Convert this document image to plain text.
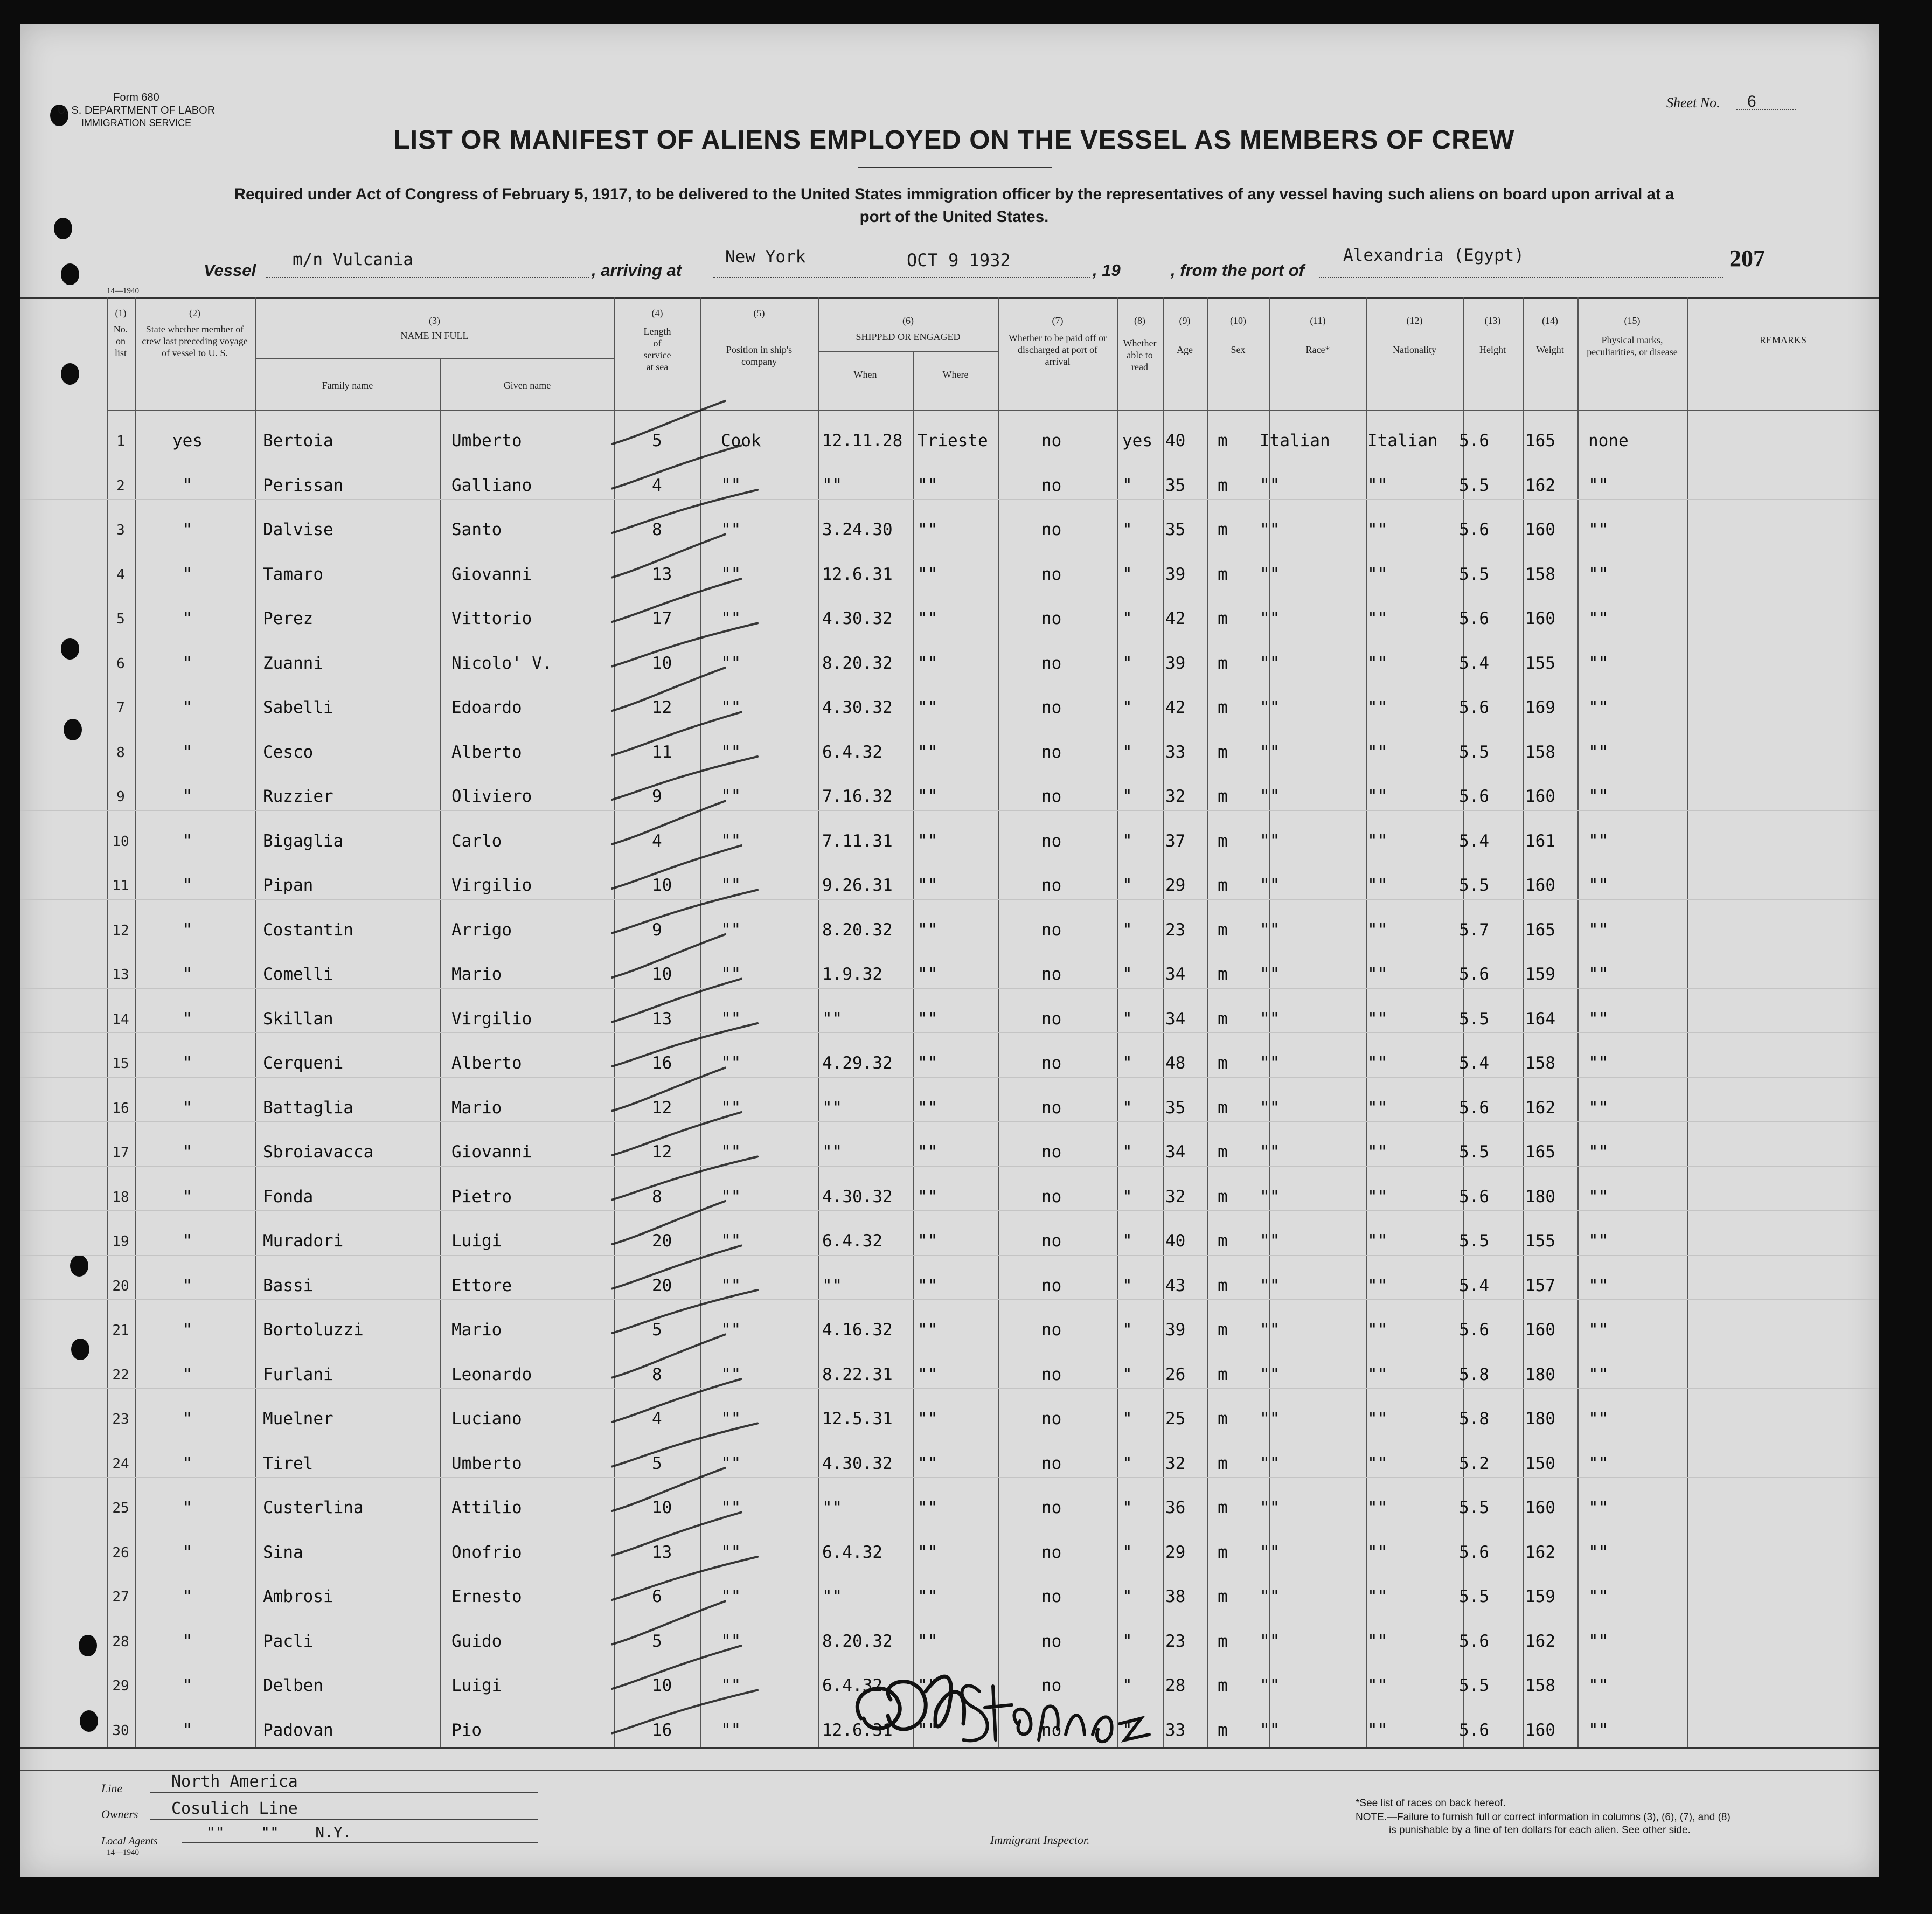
Form 680
U. S. DEPARTMENT OF LABOR
IMMIGRATION SERVICE
Sheet No. 6
LIST OR MANIFEST OF ALIENS EMPLOYED ON THE VESSEL AS MEMBERS OF CREW
Required under Act of Congress of February 5, 1917, to be delivered to the United States immigration officer by the representatives of any vessel having such aliens on board upon arrival at a
port of the United States.
Vessel
m/n Vulcania
, arriving at
New York	OCT 9 1932	, 19	, from the port of
Alexandria (Egypt)	207
14—1940
(1)
No. on list
(2)
State whether member of crew last preceding voyage of vessel to U. S.
(3)
NAME IN FULL
Family name	Given name
(4)
Length of service at sea
(5)
Position in ship's company
(6)
SHIPPED OR ENGAGED
When	Where
(7)
Whether to be paid off or discharged at port of arrival
(8)
Whether able to read
(9)
Age
(10)
Sex
(11)
Race*
(12)
Nationality
(13)
Height
(14)
Weight
(15)
Physical marks, peculiarities, or disease
REMARKS
1	yes	Bertoia	Umberto	5	Cook	12.11.28 Trieste	no	yes 40 m Italian Italian 5.6 165 none
2	"	Perissan	Galliano	4	""	""	""	no	" 35 m ""	""	5.5 162 ""
3	"	Dalvise	Santo	8	""	3.24.30 ""	no	" 35 m ""	""	5.6 160 ""
4	"	Tamaro	Giovanni	13	""	12.6.31 ""	no	" 39 m ""	""	5.5 158 ""
5	"	Perez	Vittorio	17	""	4.30.32 ""	no	" 42 m ""	""	5.6 160 ""
6	"	Zuanni	Nicolo' V.	10	""	8.20.32 ""	no	" 39 m ""	""	5.4 155 ""
7	"	Sabelli	Edoardo	12	""	4.30.32 ""	no	" 42 m ""	""	5.6 169 ""
8	"	Cesco	Alberto	11	""	6.4.32 ""	no	" 33 m ""	""	5.5 158 ""
9	"	Ruzzier	Oliviero	9	""	7.16.32 ""	no	" 32 m ""	""	5.6 160 ""
10	"	Bigaglia	Carlo	4	""	7.11.31 ""	no	" 37 m ""	""	5.4 161 ""
11	"	Pipan	Virgilio	10	""	9.26.31 ""	no	" 29 m ""	""	5.5 160 ""
12	"	Costantin	Arrigo	9	""	8.20.32 ""	no	" 23 m ""	""	5.7 165 ""
13	"	Comelli	Mario	10	""	1.9.32 ""	no	" 34 m ""	""	5.6 159 ""
14	"	Skillan	Virgilio	13	""	""	""	no	" 34 m ""	""	5.5 164 ""
15	"	Cerqueni	Alberto	16	""	4.29.32 ""	no	" 48 m ""	""	5.4 158 ""
16	"	Battaglia	Mario	12	""	""	""	no	" 35 m ""	""	5.6 162 ""
17	"	Sbroiavacca	Giovanni	12	""	""	""	no	" 34 m ""	""	5.5 165 ""
18	"	Fonda	Pietro	8	""	4.30.32 ""	no	" 32 m ""	""	5.6 180 ""
19	"	Muradori	Luigi	20	""	6.4.32 ""	no	" 40 m ""	""	5.5 155 ""
20	"	Bassi	Ettore	20	""	""	""	no	" 43 m ""	""	5.4 157 ""
21	"	Bortoluzzi	Mario	5	""	4.16.32 ""	no	" 39 m ""	""	5.6 160 ""
22	"	Furlani	Leonardo	8	""	8.22.31 ""	no	" 26 m ""	""	5.8 180 ""
23	"	Muelner	Luciano	4	""	12.5.31 ""	no	" 25 m ""	""	5.8 180 ""
24	"	Tirel	Umberto	5	""	4.30.32 ""	no	" 32 m ""	""	5.2 150 ""
25	"	Custerlina	Attilio	10	""	""	""	no	" 36 m ""	""	5.5 160 ""
26	"	Sina	Onofrio	13	""	6.4.32 ""	no	" 29 m ""	""	5.6 162 ""
27	"	Ambrosi	Ernesto	6	""	""	""	no	" 38 m ""	""	5.5 159 ""
28	"	Pacli	Guido	5	""	8.20.32 ""	no	" 23 m ""	""	5.6 162 ""
29	"	Delben	Luigi	10	""	6.4.32 ""	no	" 28 m ""	""	5.5 158 ""
30	"	Padovan	Pio	16	""	12.6.31 ""	no	" 33 m ""	""	5.6 160 ""
Line	North America
Owners Cosulich Line
Local Agents	""    ""    N.Y.
14—1940
Immigrant Inspector.
*See list of races on back hereof.
NOTE.—Failure to furnish full or correct information in columns (3), (6), (7), and (8)
is punishable by a fine of ten dollars for each alien. See other side.
